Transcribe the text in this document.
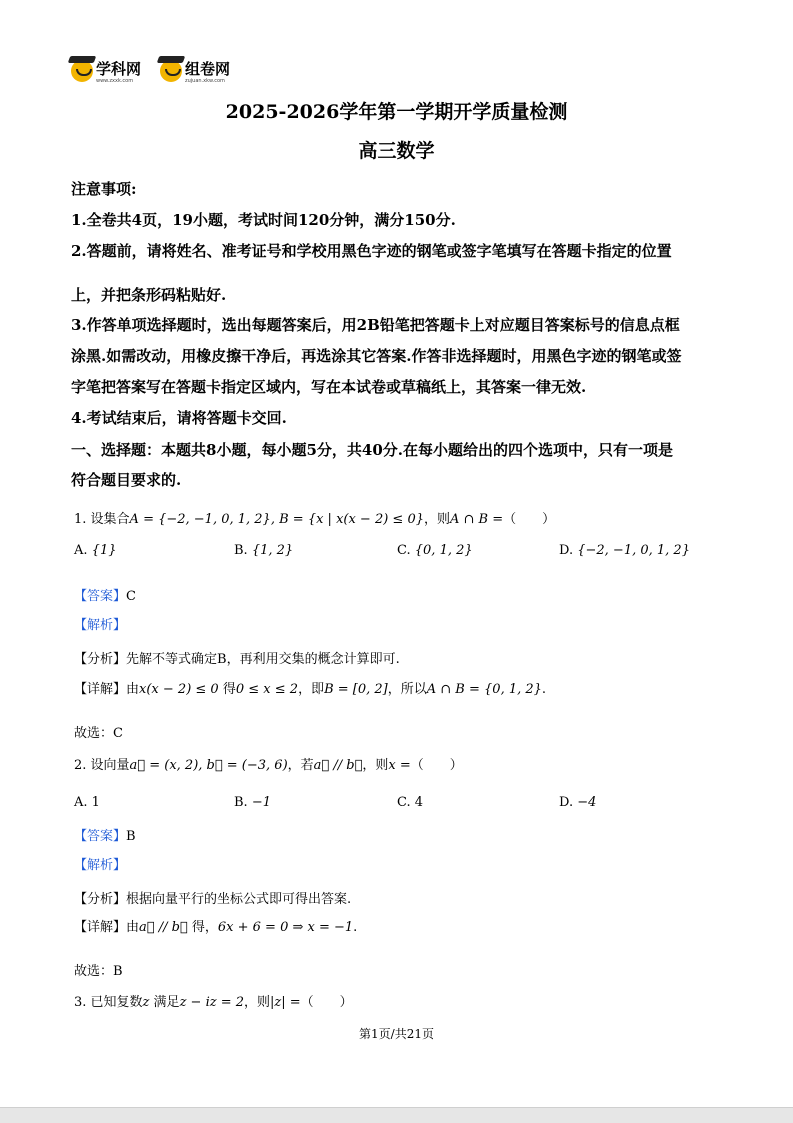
学科网
www.zxxk.com
组卷网
zujuan.xkw.com
2025-2026学年第一学期开学质量检测
高三数学
注意事项:
1.全卷共4页，19小题，考试时间120分钟，满分150分.
2.答题前，请将姓名、准考证号和学校用黑色字迹的钢笔或签字笔填写在答题卡指定的位置
上，并把条形码粘贴好.
3.作答单项选择题时，选出每题答案后，用2B铅笔把答题卡上对应题目答案标号的信息点框
涂黑.如需改动，用橡皮擦干净后，再选涂其它答案.作答非选择题时，用黑色字迹的钢笔或签
字笔把答案写在答题卡指定区域内，写在本试卷或草稿纸上，其答案一律无效.
4.考试结束后，请将答题卡交回.
一、选择题：本题共8小题，每小题5分，共40分.在每小题给出的四个选项中，只有一项是
符合题目要求的.
1. 设集合A = {−2, −1, 0, 1, 2}, B = {x | x(x − 2) ≤ 0}，则A ∩ B =（　　）
A. {1}	B. {1, 2}	C. {0, 1, 2}	D. {−2, −1, 0, 1, 2}
【答案】C
【解析】
【分析】先解不等式确定B，再利用交集的概念计算即可.
【详解】由x(x − 2) ≤ 0 得0 ≤ x ≤ 2，即B = [0, 2]，所以A ∩ B = {0, 1, 2}.
故选：C
2. 设向量a⃗ = (x, 2), b⃗ = (−3, 6)，若a⃗ // b⃗，则x =（　　）
A. 1	B. −1	C. 4	D. −4
【答案】B
【解析】
【分析】根据向量平行的坐标公式即可得出答案.
【详解】由a⃗ // b⃗ 得，6x + 6 = 0 ⇒ x = −1.
故选：B
3. 已知复数z 满足z − iz = 2，则|z| =（　　）
第1页/共21页
